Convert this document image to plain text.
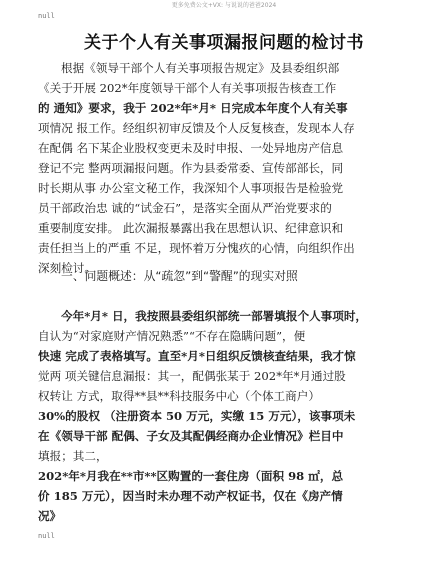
更多免费公文+VX: 与说说的爸爸2024
null
关于个人有关事项漏报问题的检讨书
根据《领导干部个人有关事项报告规定》及县委组织部
《关于开展 202*年度领导干部个人有关事项报告核查工作
的 通知》要求，我于 202*年*月* 日完成本年度个人有关事
项情况 报工作。经组织初审反馈及个人反复核查，发现本人存
在配偶 名下某企业股权变更未及时申报、一处异地房产信息
登记不完 整两项漏报问题。作为县委常委、宣传部部长，同
时长期从事 办公室文秘工作，我深知个人事项报告是检验党
员干部政治忠 诚的“试金石”，是落实全面从严治党要求的
重要制度安排。 此次漏报暴露出我在思想认识、纪律意识和
责任担当上的严重 不足，现怀着万分愧疚的心情，向组织作出
深刻检讨。
一、问题概述：从“疏忽”到“警醒”的现实对照
今年*月* 日，我按照县委组织部统一部署填报个人事项时，
自认为“对家庭财产情况熟悉”“不存在隐瞒问题”，便
快速 完成了表格填写。直至*月*日组织反馈核查结果，我才惊
觉两 项关键信息漏报：其一，配偶张某于 202*年*月通过股
权转让 方式，取得**县**科技服务中心（个体工商户）
30%的股权 （注册资本 50 万元，实缴 15 万元），该事项未
在《领导干部 配偶、子女及其配偶经商办企业情况》栏目中
填报；其二，
202*年*月我在**市**区购置的一套住房（面积 98 ㎡，总
价 185 万元），因当时未办理不动产权证书，仅在《房产情
况》
null
